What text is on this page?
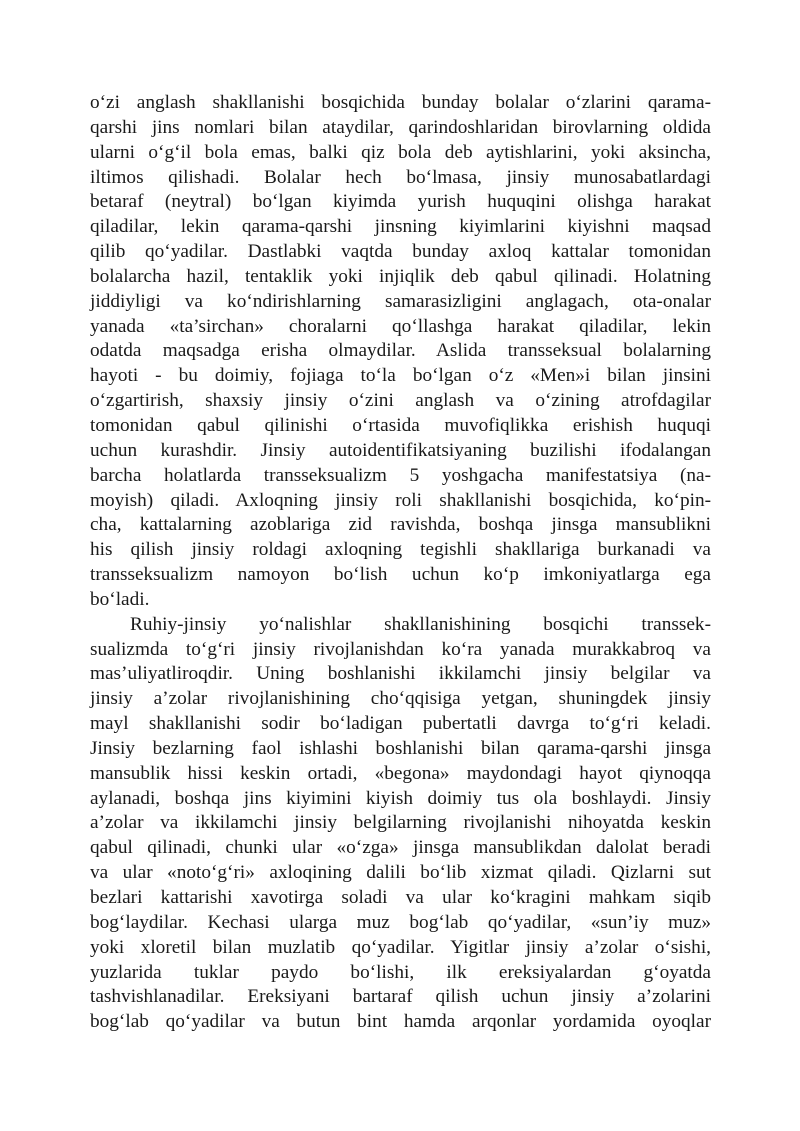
o‘zi anglash shakllanishi bosqichida bunday bolalar o‘zlarini qarama-
qarshi jins nomlari bilan ataydilar, qarindoshlaridan birovlarning oldida
ularni o‘g‘il bola emas, balki qiz bola deb aytishlarini, yoki aksincha,
iltimos qilishadi. Bolalar hech bo‘lmasa, jinsiy munosabatlardagi
betaraf (neytral) bo‘lgan kiyimda yurish huquqini olishga harakat
qiladilar, lekin qarama-qarshi jinsning kiyimlarini kiyishni maqsad
qilib qo‘yadilar. Dastlabki vaqtda bunday axloq kattalar tomonidan
bolalarcha hazil, tentaklik yoki injiqlik deb qabul qilinadi. Holatning
jiddiyligi va ko‘ndirishlarning samarasizligini anglagach, ota-onalar
yanada «ta’sirchan» choralarni qo‘llashga harakat qiladilar, lekin
odatda maqsadga erisha olmaydilar. Aslida transseksual bolalarning
hayoti - bu doimiy, fojiaga to‘la bo‘lgan o‘z «Men»i bilan jinsini
o‘zgartirish, shaxsiy jinsiy o‘zini anglash va o‘zining atrofdagilar
tomonidan qabul qilinishi o‘rtasida muvofiqlikka erishish huquqi
uchun kurashdir. Jinsiy autoidentifikatsiyaning buzilishi ifodalangan
barcha holatlarda transseksualizm 5 yoshgacha manifestatsiya (na-
moyish) qiladi. Axloqning jinsiy roli shakllanishi bosqichida, ko‘pin-
cha, kattalarning azoblariga zid ravishda, boshqa jinsga mansublikni
his qilish jinsiy roldagi axloqning tegishli shakllariga burkanadi va
transseksualizm namoyon bo‘lish uchun ko‘p imkoniyatlarga ega
bo‘ladi.
Ruhiy-jinsiy yo‘nalishlar shakllanishining bosqichi transsek-
sualizmda to‘g‘ri jinsiy rivojlanishdan ko‘ra yanada murakkabroq va
mas’uliyatliroqdir. Uning boshlanishi ikkilamchi jinsiy belgilar va
jinsiy a’zolar rivojlanishining cho‘qqisiga yetgan, shuningdek jinsiy
mayl shakllanishi sodir bo‘ladigan pubertatli davrga to‘g‘ri keladi.
Jinsiy bezlarning faol ishlashi boshlanishi bilan qarama-qarshi jinsga
mansublik hissi keskin ortadi, «begona» maydondagi hayot qiynoqqa
aylanadi, boshqa jins kiyimini kiyish doimiy tus ola boshlaydi. Jinsiy
a’zolar va ikkilamchi jinsiy belgilarning rivojlanishi nihoyatda keskin
qabul qilinadi, chunki ular «o‘zga» jinsga mansublikdan dalolat beradi
va ular «noto‘g‘ri» axloqining dalili bo‘lib xizmat qiladi. Qizlarni sut
bezlari kattarishi xavotirga soladi va ular ko‘kragini mahkam siqib
bog‘laydilar. Kechasi ularga muz bog‘lab qo‘yadilar, «sun’iy muz»
yoki xloretil bilan muzlatib qo‘yadilar. Yigitlar jinsiy a’zolar o‘sishi,
yuzlarida tuklar paydo bo‘lishi, ilk ereksiyalardan g‘oyatda
tashvishlanadilar. Ereksiyani bartaraf qilish uchun jinsiy a’zolarini
bog‘lab qo‘yadilar va butun bint hamda arqonlar yordamida oyoqlar
